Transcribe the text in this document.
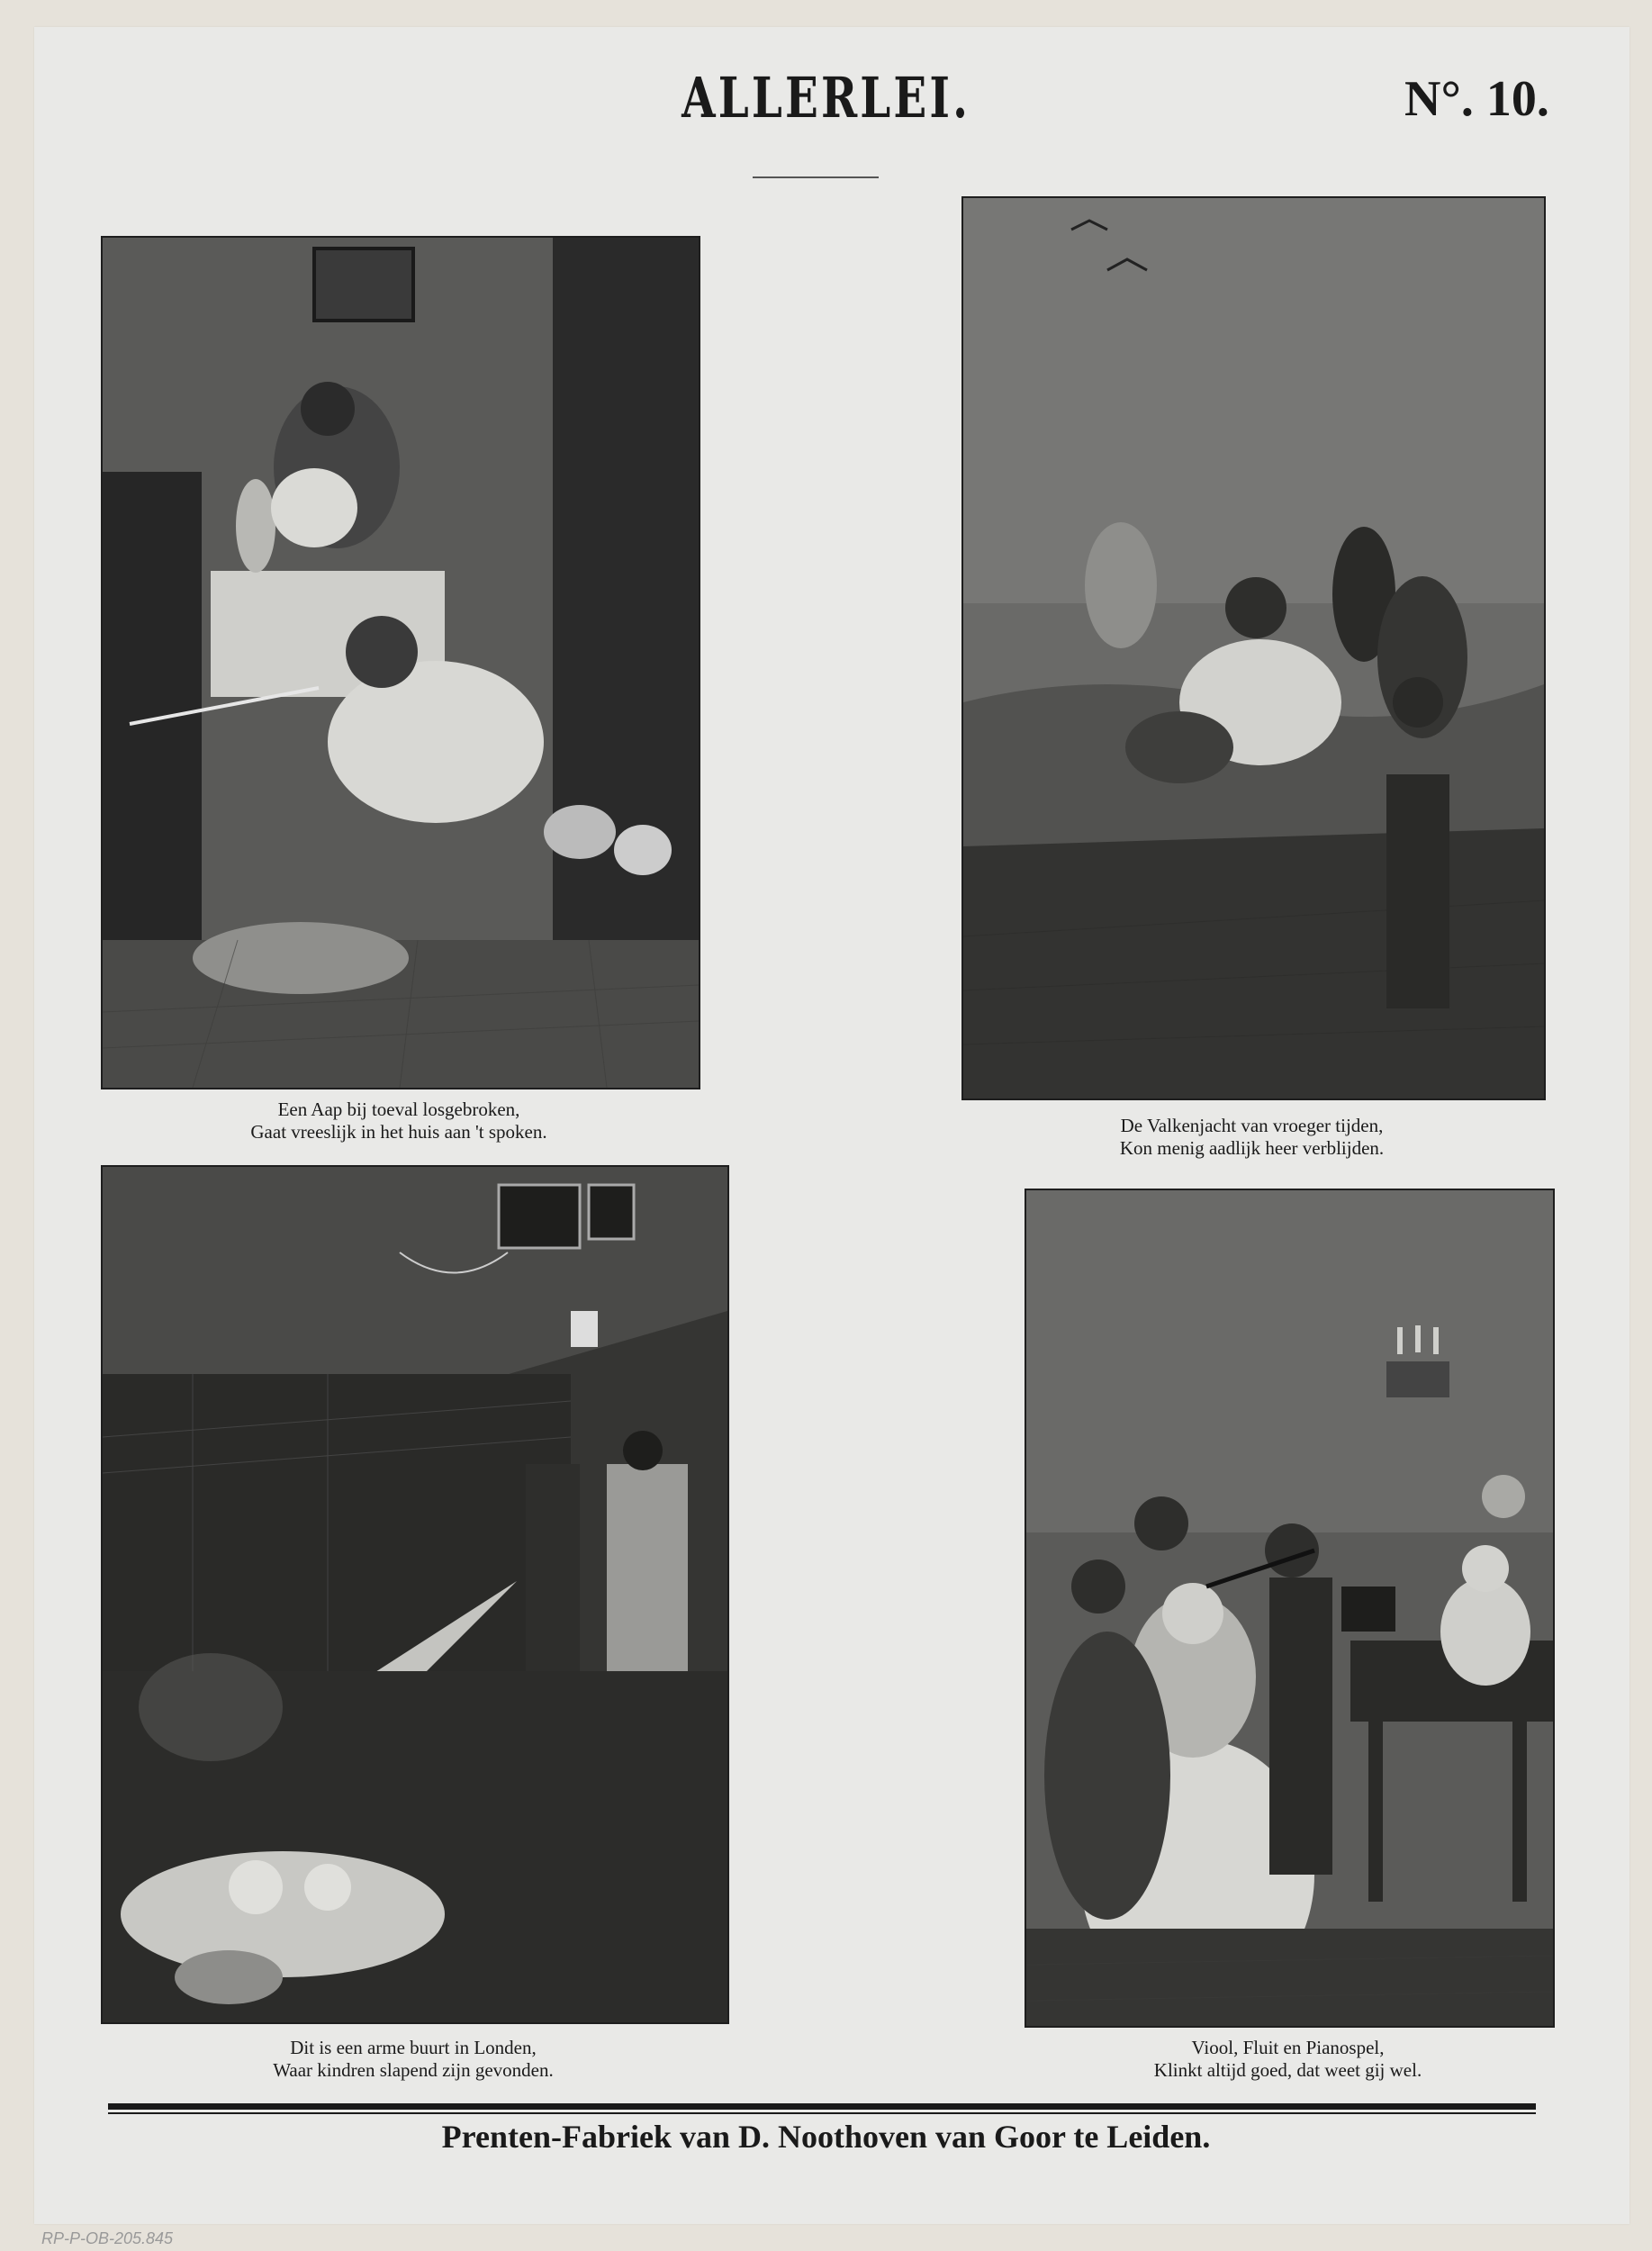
ALLERLEI.	N°. 10.
Een Aap bij toeval losgebroken,
Gaat vreeslijk in het huis aan 't spoken.	De Valkenjacht van vroeger tijden,
Kon menig aadlijk heer verblijden.
Dit is een arme buurt in Londen,
Waar kindren slapend zijn gevonden.
Viool, Fluit en Pianospel,
Klinkt altijd goed, dat weet gij wel.
Prenten-Fabriek van D. Noothoven van Goor te Leiden.
RP-P-OB-205.845
